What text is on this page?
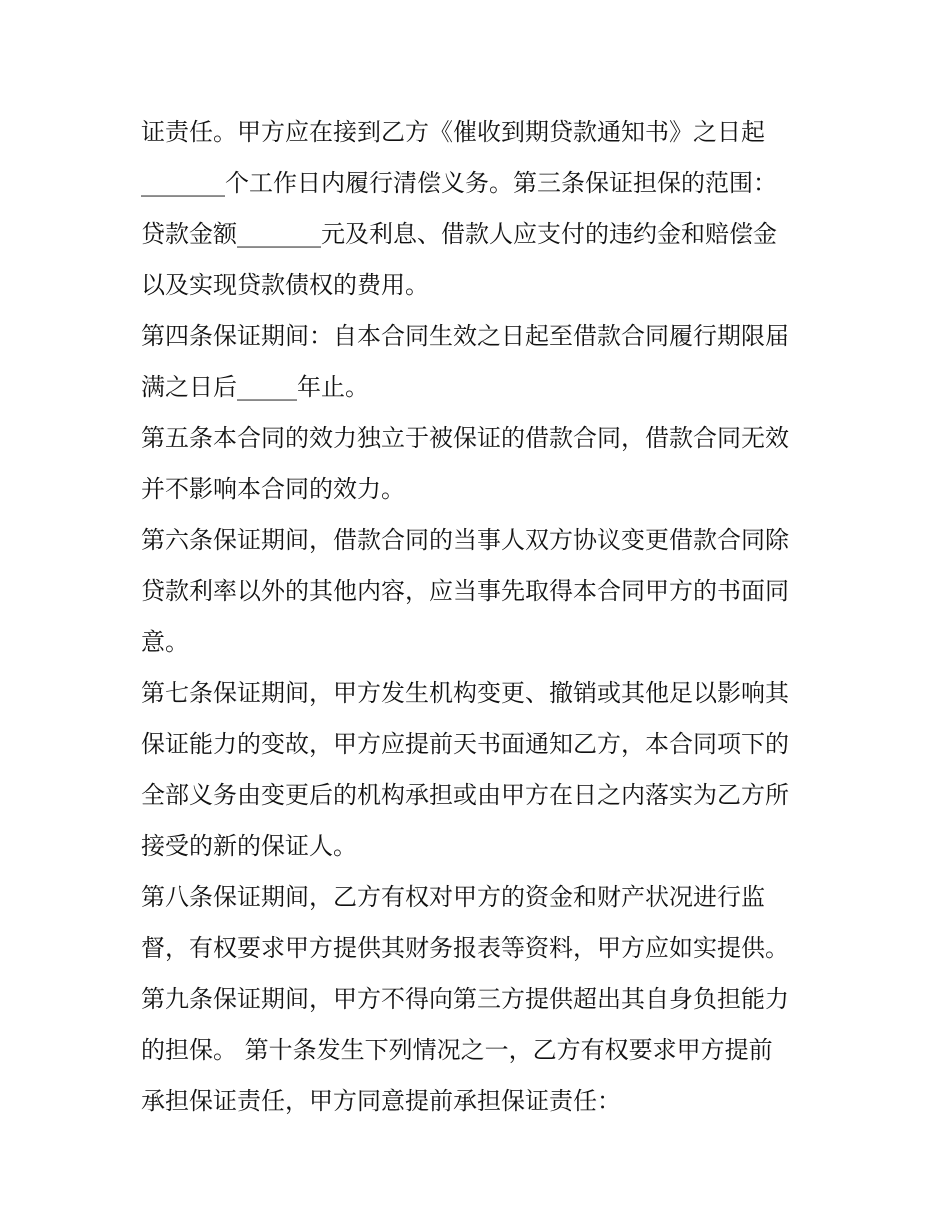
证责任。甲方应在接到乙方《催收到期贷款通知书》之日起

_______个工作日内履行清偿义务。第三条保证担保的范围：

贷款金额_______元及利息、借款人应支付的违约金和赔偿金

以及实现贷款债权的费用。

第四条保证期间：自本合同生效之日起至借款合同履行期限届

满之日后_____年止。

第五条本合同的效力独立于被保证的借款合同，借款合同无效

并不影响本合同的效力。

第六条保证期间，借款合同的当事人双方协议变更借款合同除

贷款利率以外的其他内容，应当事先取得本合同甲方的书面同

意。

第七条保证期间，甲方发生机构变更、撤销或其他足以影响其

保证能力的变故，甲方应提前天书面通知乙方，本合同项下的

全部义务由变更后的机构承担或由甲方在日之内落实为乙方所

接受的新的保证人。

第八条保证期间，乙方有权对甲方的资金和财产状况进行监

督，有权要求甲方提供其财务报表等资料，甲方应如实提供。

第九条保证期间，甲方不得向第三方提供超出其自身负担能力

的担保。 第十条发生下列情况之一，乙方有权要求甲方提前

承担保证责任，甲方同意提前承担保证责任：
